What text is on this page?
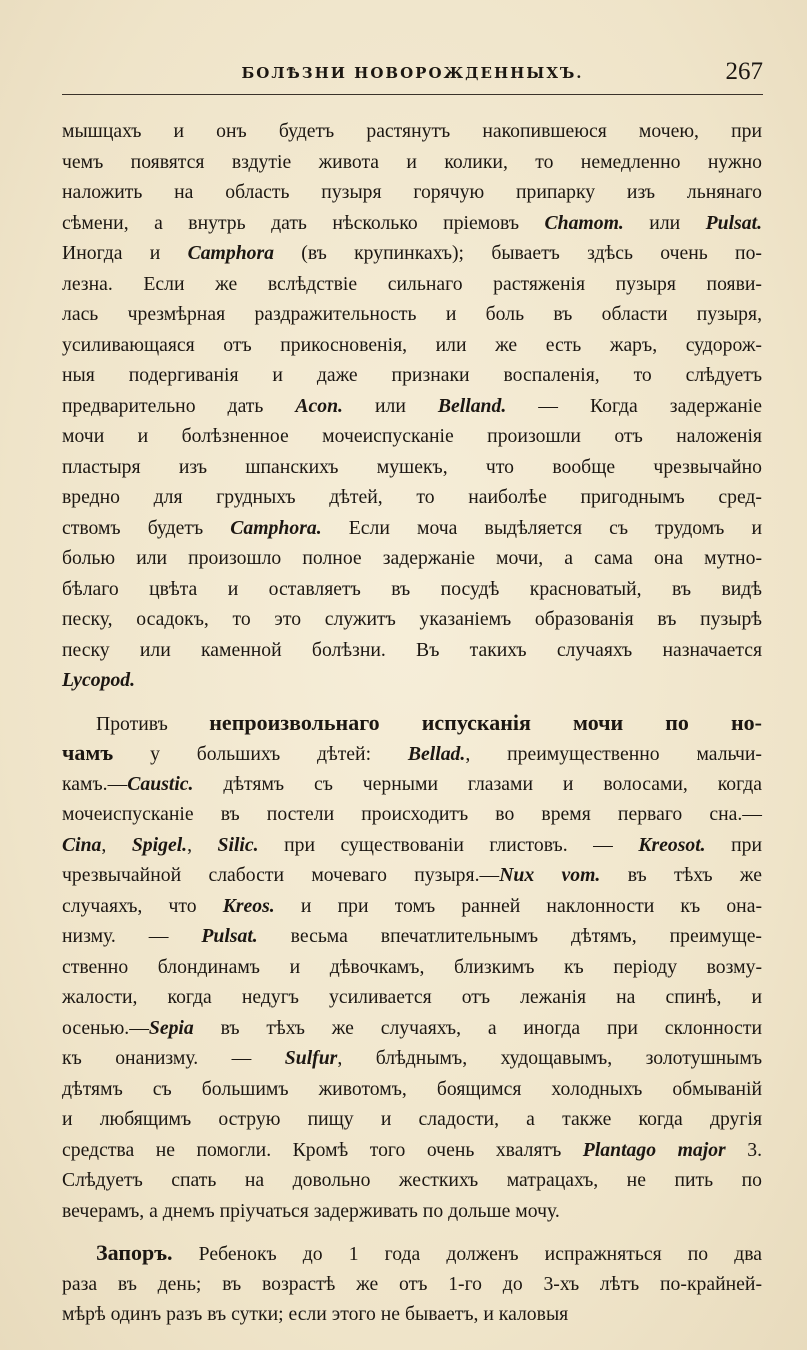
БОЛѢЗНИ НОВОРОЖДЕННЫХЪ.	267
мышцахъ и онъ будетъ растянутъ накопившеюся мочею, при
чемъ появятся вздутіе живота и колики, то немедленно нужно
наложить на область пузыря горячую припарку изъ льнянаго
сѣмени, а внутрь дать нѣсколько пріемовъ Chamom. или Pulsat.
Иногда и Camphora (въ крупинкахъ); бываетъ здѣсь очень по-
лезна. Если же вслѣдствіе сильнаго растяженія пузыря появи-
лась чрезмѣрная раздражительность и боль въ области пузыря,
усиливающаяся отъ прикосновенія, или же есть жаръ, судорож-
ныя подергиванія и даже признаки воспаленія, то слѣдуетъ
предварительно дать Acon. или Belland. — Когда задержаніе
мочи и болѣзненное мочеиспусканіе произошли отъ наложенія
пластыря изъ шпанскихъ мушекъ, что вообще чрезвычайно
вредно для грудныхъ дѣтей, то наиболѣе пригоднымъ сред-
ствомъ будетъ Camphora. Если моча выдѣляется съ трудомъ и
болью или произошло полное задержаніе мочи, а сама она мутно-
бѣлаго цвѣта и оставляетъ въ посудѣ красноватый, въ видѣ
песку, осадокъ, то это служитъ указаніемъ образованія въ пузырѣ
песку или каменной болѣзни. Въ такихъ случаяхъ назначается
Lycopod.
Противъ непроизвольнаго испусканія мочи по но-
чамъ у большихъ дѣтей: Bellad., преимущественно мальчи-
камъ.—Caustic. дѣтямъ съ черными глазами и волосами, когда
мочеиспусканіе въ постели происходитъ во время перваго сна.—
Cina, Spigel., Silic. при существованіи глистовъ. — Kreosot. при
чрезвычайной слабости мочеваго пузыря.—Nux vom. въ тѣхъ же
случаяхъ, что Kreos. и при томъ ранней наклонности къ она-
низму. — Pulsat. весьма впечатлительнымъ дѣтямъ, преимуще-
ственно блондинамъ и дѣвочкамъ, близкимъ къ періоду возму-
жалости, когда недугъ усиливается отъ лежанія на спинѣ, и
осенью.—Sepia въ тѣхъ же случаяхъ, а иногда при склонности
къ онанизму. — Sulfur, блѣднымъ, худощавымъ, золотушнымъ
дѣтямъ съ большимъ животомъ, боящимся холодныхъ обмываній
и любящимъ острую пищу и сладости, а также когда другія
средства не помогли. Кромѣ того очень хвалятъ Plantago major 3.
Слѣдуетъ спать на довольно жесткихъ матрацахъ, не пить по
вечерамъ, а днемъ пріучаться задерживать по дольше мочу.
Запоръ. Ребенокъ до 1 года долженъ испражняться по два
раза въ день; въ возрастѣ же отъ 1-го до 3-хъ лѣтъ по-крайней-
мѣрѣ одинъ разъ въ сутки; если этого не бываетъ, и каловыя
